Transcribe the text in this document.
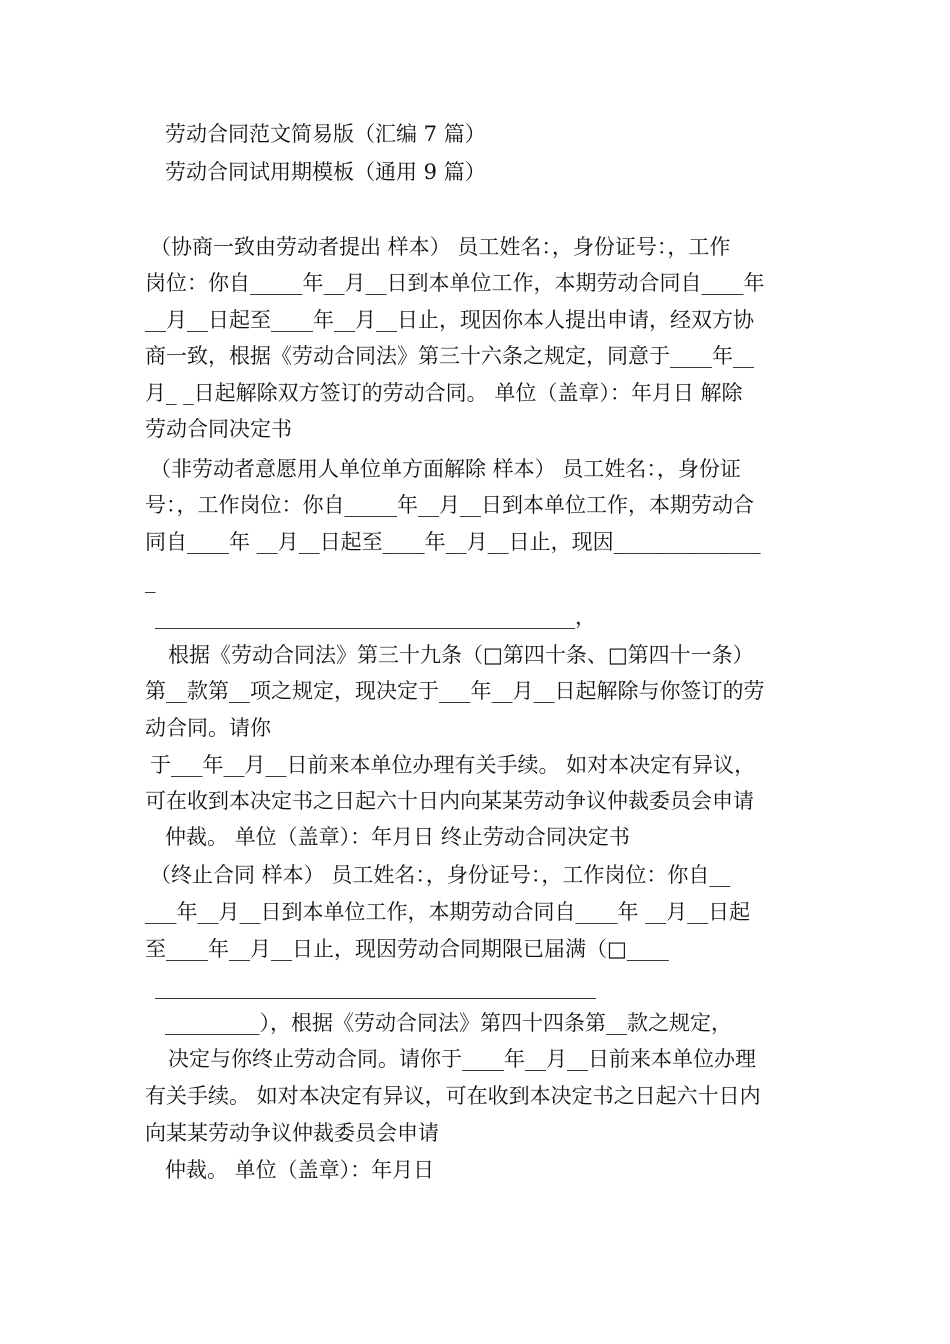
劳动合同范文简易版（汇编 7 篇）
劳动合同试用期模板（通用 9 篇）
（协商一致由劳动者提出 样本） 员工姓名：，身份证号：，工作
岗位：你自_____年__月__日到本单位工作，本期劳动合同自____年
__月__日起至____年__月__日止，现因你本人提出申请，经双方协
商一致，根据《劳动合同法》第三十六条之规定，同意于____年__
月_ _日起解除双方签订的劳动合同。 单位（盖章）：年月日 解除
劳动合同决定书
（非劳动者意愿用人单位单方面解除 样本） 员工姓名：，身份证
号：，工作岗位：你自_____年__月__日到本单位工作，本期劳动合
同自____年 __月__日起至____年__月__日止，现因______________
_
________________________________________，
根据《劳动合同法》第三十九条（□第四十条、□第四十一条）
第__款第__项之规定，现决定于___年__月__日起解除与你签订的劳
动合同。请你
于___年__月__日前来本单位办理有关手续。 如对本决定有异议，
可在收到本决定书之日起六十日内向某某劳动争议仲裁委员会申请
仲裁。 单位（盖章）：年月日 终止劳动合同决定书
（终止合同 样本） 员工姓名：，身份证号：，工作岗位：你自__
___年__月__日到本单位工作，本期劳动合同自____年 __月__日起
至____年__月__日止，现因劳动合同期限已届满（□____
__________________________________________
_________），根据《劳动合同法》第四十四条第__款之规定，
决定与你终止劳动合同。请你于____年__月__日前来本单位办理
有关手续。 如对本决定有异议，可在收到本决定书之日起六十日内
向某某劳动争议仲裁委员会申请
仲裁。 单位（盖章）：年月日
